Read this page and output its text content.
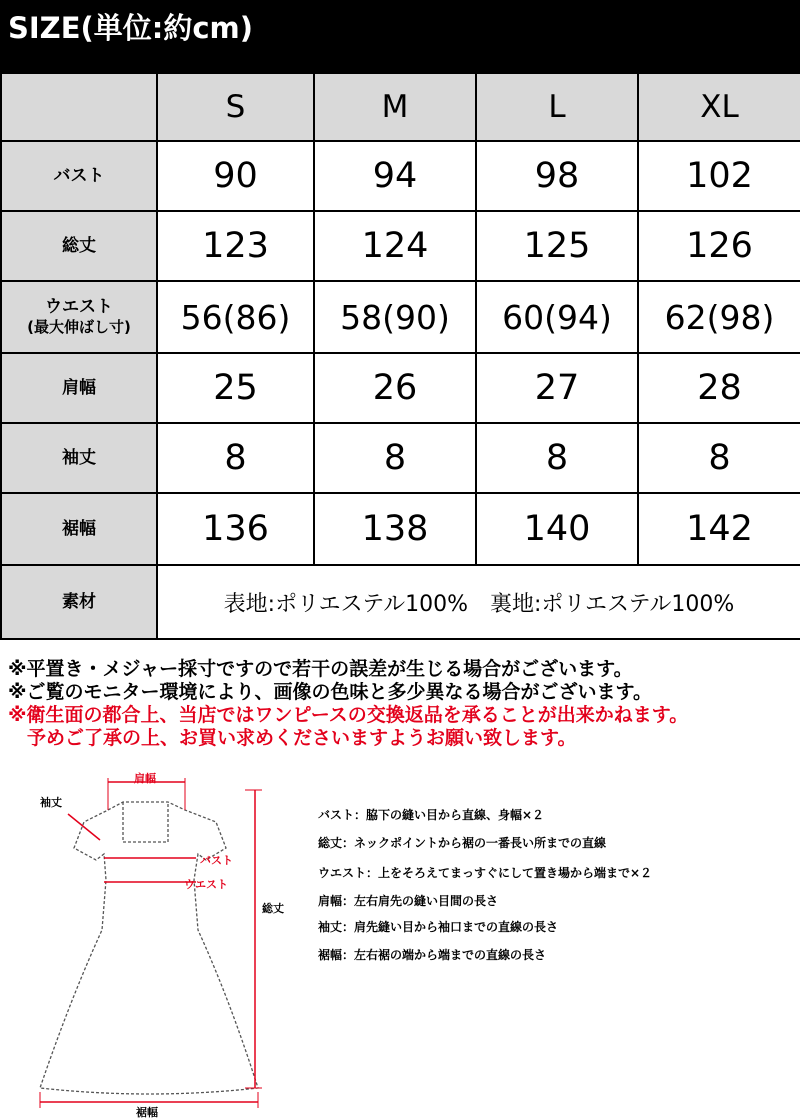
SIZE(単位:約cm)
	S	M	L	XL
バスト	90	94	98	102
総丈	123	124	125	126

ウエスト
(最大伸ばし寸)	56(86)	58(90)	60(94)	62(98)
肩幅	25	26	27	28
袖丈	8	8	8	8
裾幅	136	138	140	142
素材	表地:ポリエステル100%　裏地:ポリエステル100%			
※平置き・メジャー採寸ですので若干の誤差が生じる場合がございます。
※ご覧のモニター環境により、画像の色味と多少異なる場合がございます。
※衛生面の都合上、当店ではワンピースの交換返品を承ることが出来かねます。
　予めご了承の上、お買い求めくださいますようお願い致します。
肩幅
袖丈
バスト
ウエスト
総丈
裾幅
バスト：脇下の縫い目から直線、身幅×２
総丈：ネックポイントから裾の一番長い所までの直線
ウエスト：上をそろえてまっすぐにして置き場から端まで×２
肩幅：左右肩先の縫い目間の長さ
袖丈：肩先縫い目から袖口までの直線の長さ
裾幅：左右裾の端から端までの直線の長さ
